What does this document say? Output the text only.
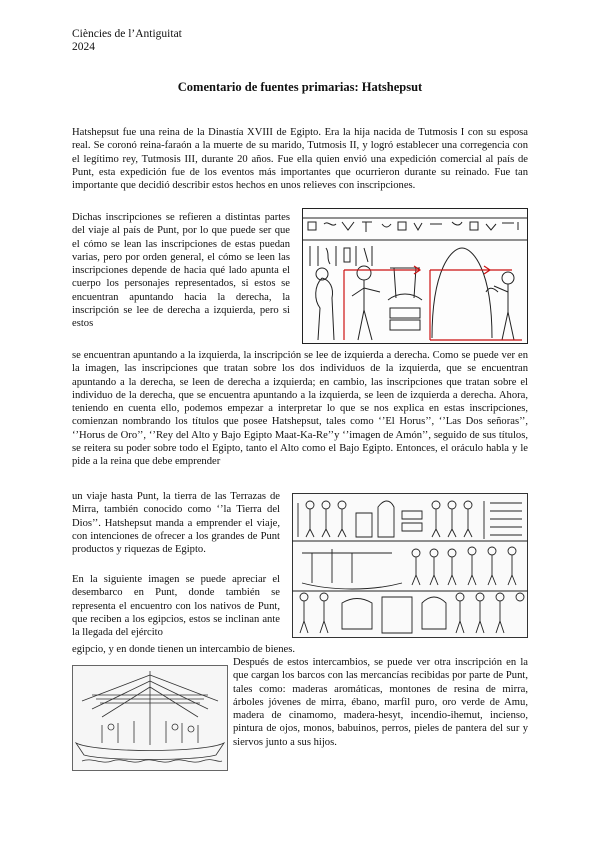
Ciències de l’Antiguitat
2024
Comentario de fuentes primarias: Hatshepsut

Hatshepsut fue una reina de la Dinastía XVIII de Egipto. Era la hija nacida de Tutmosis I con su esposa real. Se coronó reina-faraón a la muerte de su marido, Tutmosis II, y logró establecer una corregencia con el legítimo rey, Tutmosis III, durante 20 años. Fue ella quien envió una expedición comercial al país de Punt, esta expedición fue de los eventos más importantes que ocurrieron durante su reinado. Fue tan importante que decidió describir estos hechos en unos relieves con inscripciones.

Dichas inscripciones se refieren a distintas partes del viaje al país de Punt, por lo que puede ser que el cómo se lean las inscripciones de estas puedan varias, pero por orden general, el cómo se leen las inscripciones depende de hacia qué lado apunta el cuerpo los personajes representados, si estos se encuentran apuntando hacia la derecha, la inscripción se lee de derecha a izquierda, pero si estos

se encuentran apuntando a la izquierda, la inscripción se lee de izquierda a derecha. Como se puede ver en la imagen, las inscripciones que tratan sobre los dos individuos de la izquierda, que se encuentran apuntando a la derecha, se leen de derecha a izquierda; en cambio, las inscripciones que tratan sobre el individuo de la derecha, que se encuentra apuntando a la izquierda, se leen de izquierda a derecha. Ahora, teniendo en cuenta ello, podemos empezar a interpretar lo que se nos explica en estas inscripciones, comienzan nombrando los títulos que posee Hatshepsut, tales como ‘’El Horus’’, ‘’Las Dos señoras’’, ‘’Horus de Oro’’, ‘’Rey del Alto y Bajo Egipto Maat-Ka-Re’’y ‘’imagen de Amón’’, seguido de sus títulos, se reitera su poder sobre todo el Egipto, tanto el Alto como el Bajo Egipto. Entonces, el oráculo habla y le pide a la reina que debe emprender

un viaje hasta Punt, la tierra de las Terrazas de Mirra, también conocido como ‘’la Tierra del Dios’’. Hatshepsut manda a emprender el viaje, con intenciones de ofrecer a los grandes de Punt productos y riquezas de Egipto.

En la siguiente imagen se puede apreciar el desembarco en Punt, donde también se representa el encuentro con los nativos de Punt, que reciben a los egipcios, estos se inclinan ante la llegada del ejército

egipcio, y en donde tienen un intercambio de bienes.

Después de estos intercambios, se puede ver otra inscripción en la que cargan los barcos con las mercancías recibidas por parte de Punt, tales como: maderas aromáticas, montones de resina de mirra, árboles jóvenes de mirra, ébano, marfil puro, oro verde de Amu, madera de cinamomo, madera-hesyt, incendio-ihemut, incienso, pintura de ojos, monos, babuinos, perros, pieles de pantera del sur y siervos junto a sus hijos.
